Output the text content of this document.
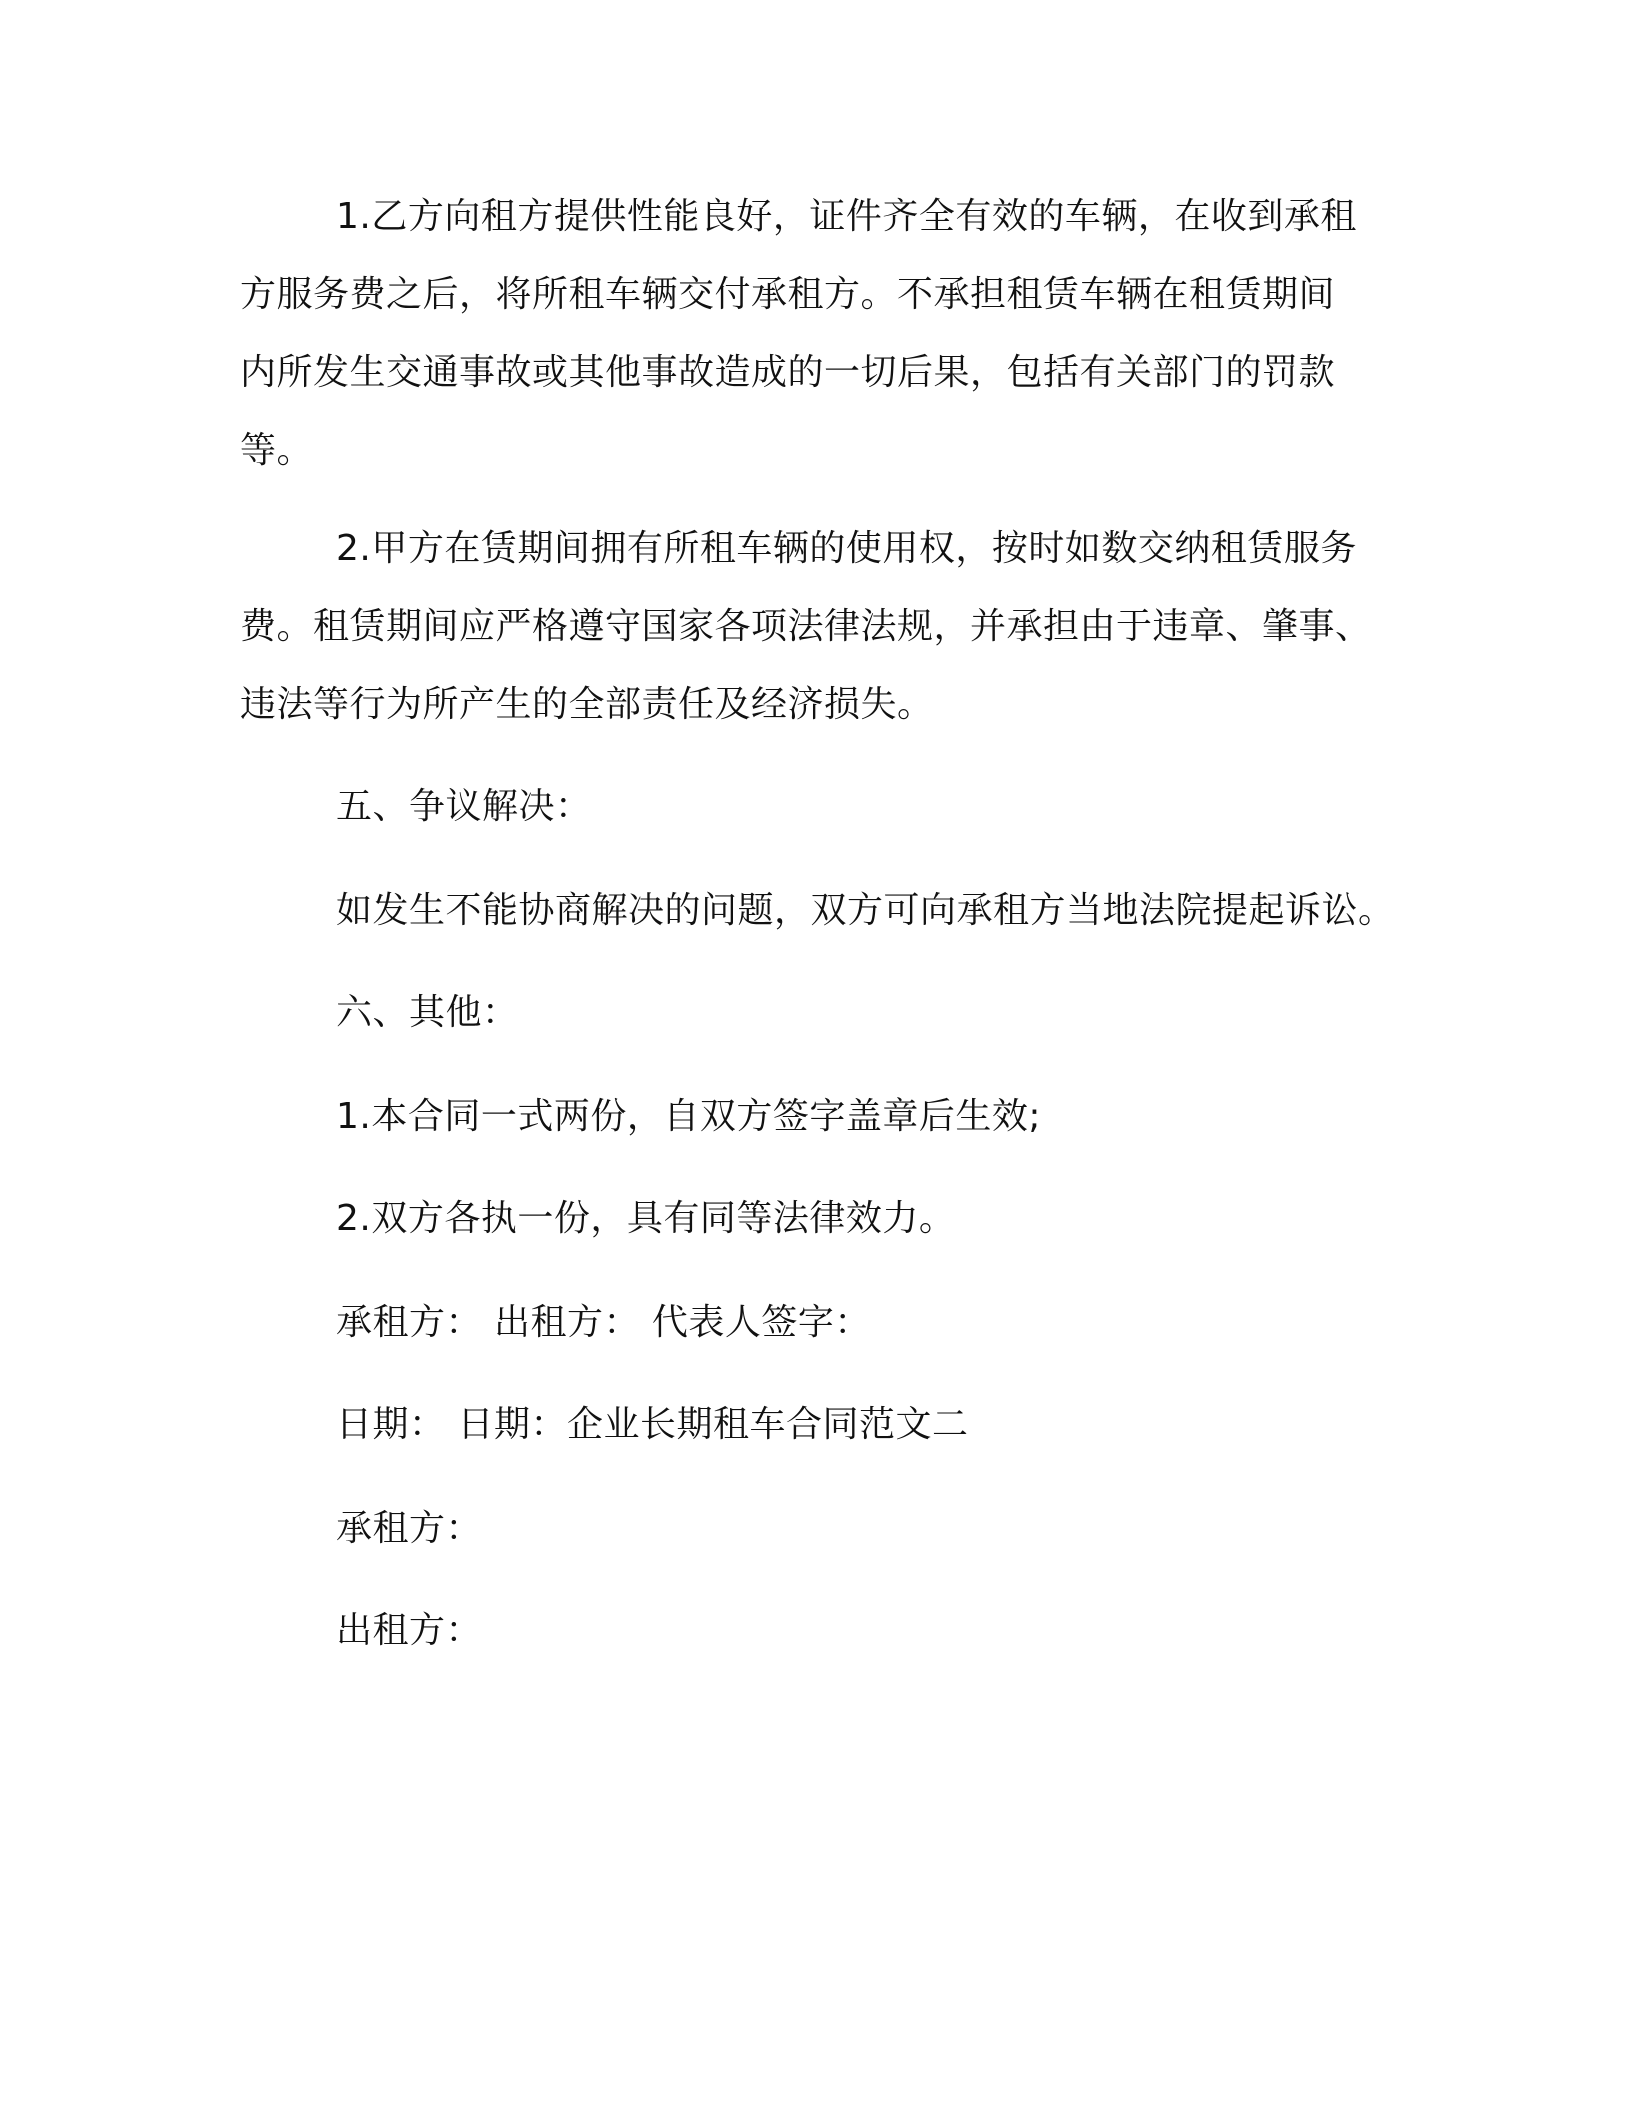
1.乙方向租方提供性能良好，证件齐全有效的车辆，在收到承租
方服务费之后，将所租车辆交付承租方。不承担租赁车辆在租赁期间
内所发生交通事故或其他事故造成的一切后果，包括有关部门的罚款
等。

2.甲方在赁期间拥有所租车辆的使用权，按时如数交纳租赁服务
费。租赁期间应严格遵守国家各项法律法规，并承担由于违章、肇事、
违法等行为所产生的全部责任及经济损失。

五、争议解决：

如发生不能协商解决的问题，双方可向承租方当地法院提起诉讼。

六、其他：

1.本合同一式两份，自双方签字盖章后生效;

2.双方各执一份，具有同等法律效力。

承租方： 出租方： 代表人签字：

日期： 日期：企业长期租车合同范文二

承租方：

出租方：
